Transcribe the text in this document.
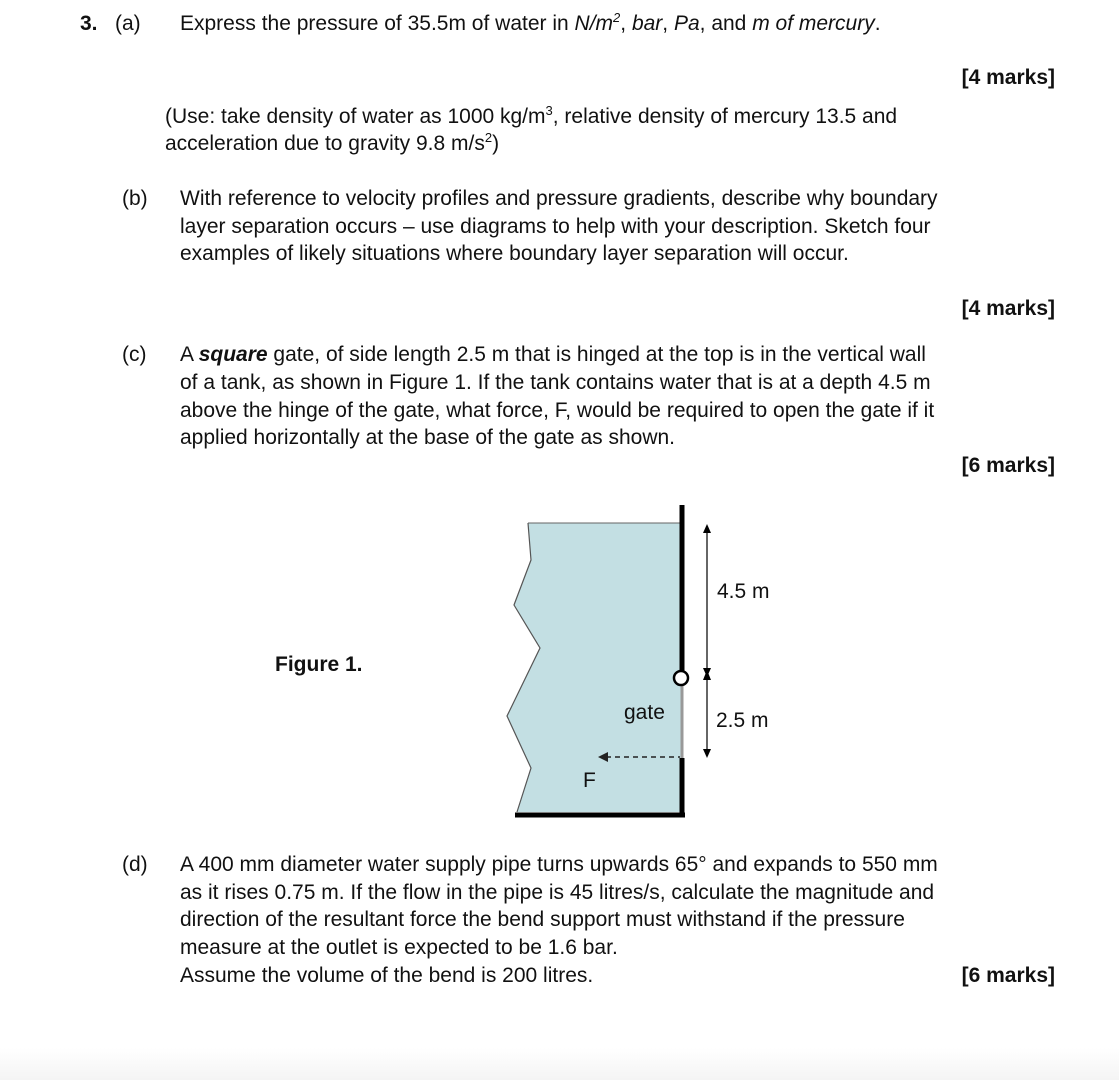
3. (a) Express the pressure of 35.5m of water in $N/m^2$, bar, Pa, and m of mercury.
[4 marks]
(Use: take density of water as 1000 $kg/m^3$, relative density of mercury 13.5 and
acceleration due to gravity 9.8 $m/s^2$)
(b) With reference to velocity profiles and pressure gradients, describe why boundary
layer separation occurs – use diagrams to help with your description. Sketch four
examples of likely situations where boundary layer separation will occur.
[4 marks]
(c) A square gate, of side length 2.5 m that is hinged at the top is in the vertical wall
of a tank, as shown in Figure 1. If the tank contains water that is at a depth 4.5 m
above the hinge of the gate, what force, F, would be required to open the gate if it
applied horizontally at the base of the gate as shown.
[6 marks]
Figure 1.
4.5 m
2.5 m
gate
F
(d) A 400 mm diameter water supply pipe turns upwards 65° and expands to 550 mm
as it rises 0.75 m. If the flow in the pipe is 45 litres/s, calculate the magnitude and
direction of the resultant force the bend support must withstand if the pressure
measure at the outlet is expected to be 1.6 bar.
Assume the volume of the bend is 200 litres.	[6 marks]
